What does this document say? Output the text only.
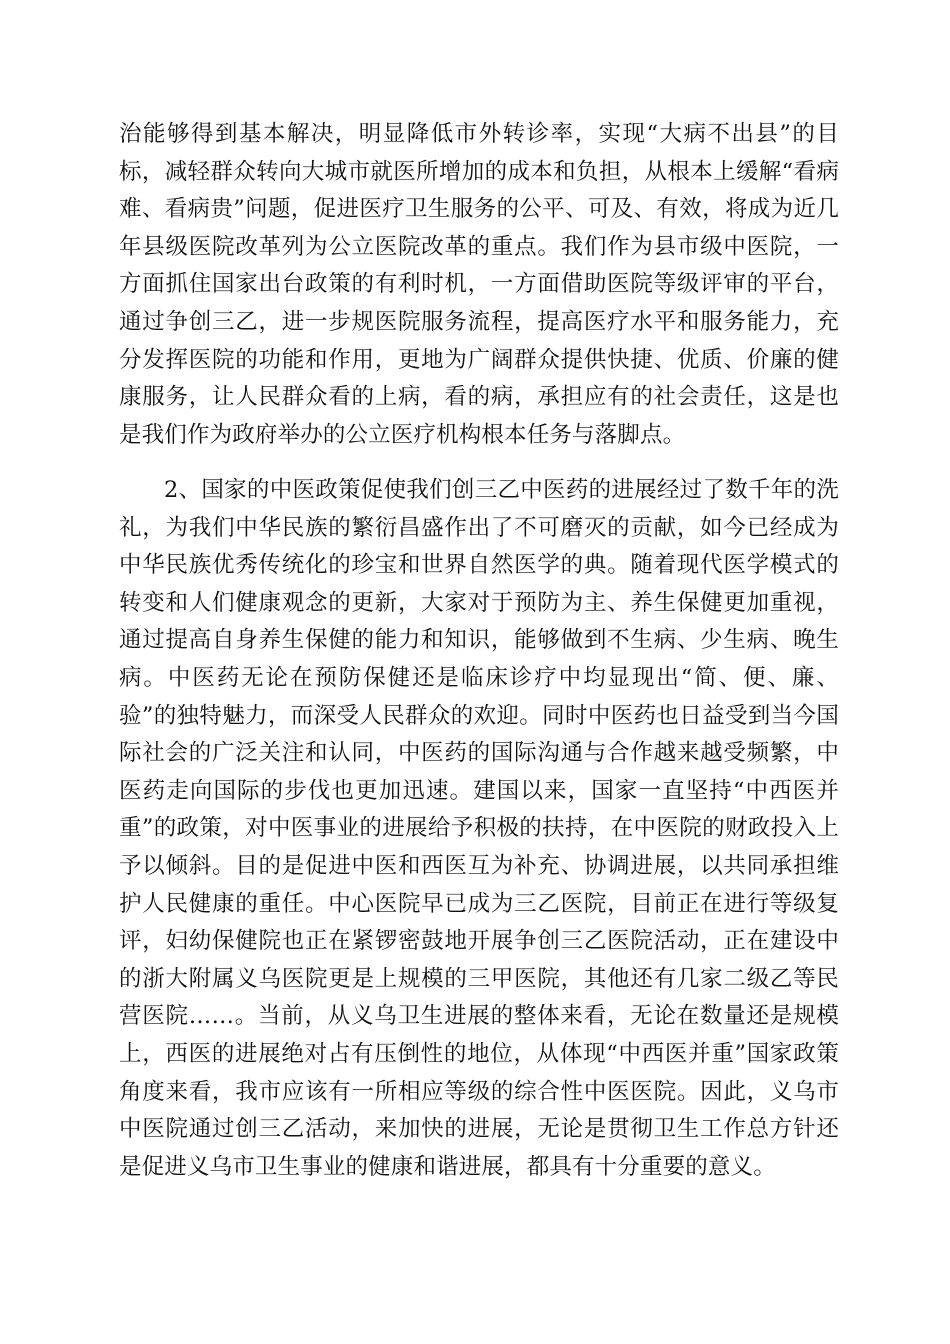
治能够得到基本解决，明显降低市外转诊率，实现“大病不出县”的目标，减轻群众转向大城市就医所增加的成本和负担，从根本上缓解“看病难、看病贵”问题，促进医疗卫生服务的公平、可及、有效，将成为近几年县级医院改革列为公立医院改革的重点。我们作为县市级中医院，一方面抓住国家出台政策的有利时机，一方面借助医院等级评审的平台，通过争创三乙，进一步规医院服务流程，提高医疗水平和服务能力，充分发挥医院的功能和作用，更地为广阔群众提供快捷、优质、价廉的健康服务，让人民群众看的上病，看的病，承担应有的社会责任，这是也是我们作为政府举办的公立医疗机构根本任务与落脚点。

2、国家的中医政策促使我们创三乙中医药的进展经过了数千年的洗礼，为我们中华民族的繁衍昌盛作出了不可磨灭的贡献，如今已经成为中华民族优秀传统化的珍宝和世界自然医学的典。随着现代医学模式的转变和人们健康观念的更新，大家对于预防为主、养生保健更加重视，通过提高自身养生保健的能力和知识，能够做到不生病、少生病、晚生病。中医药无论在预防保健还是临床诊疗中均显现出“简、便、廉、验”的独特魅力，而深受人民群众的欢迎。同时中医药也日益受到当今国际社会的广泛关注和认同，中医药的国际沟通与合作越来越受频繁，中医药走向国际的步伐也更加迅速。建国以来，国家一直坚持“中西医并重”的政策，对中医事业的进展给予积极的扶持，在中医院的财政投入上予以倾斜。目的是促进中医和西医互为补充、协调进展，以共同承担维护人民健康的重任。中心医院早已成为三乙医院，目前正在进行等级复评，妇幼保健院也正在紧锣密鼓地开展争创三乙医院活动，正在建设中的浙大附属义乌医院更是上规模的三甲医院，其他还有几家二级乙等民营医院……。当前，从义乌卫生进展的整体来看，无论在数量还是规模上，西医的进展绝对占有压倒性的地位，从体现“中西医并重”国家政策角度来看，我市应该有一所相应等级的综合性中医医院。因此，义乌市中医院通过创三乙活动，来加快的进展，无论是贯彻卫生工作总方针还是促进义乌市卫生事业的健康和谐进展，都具有十分重要的意义。
